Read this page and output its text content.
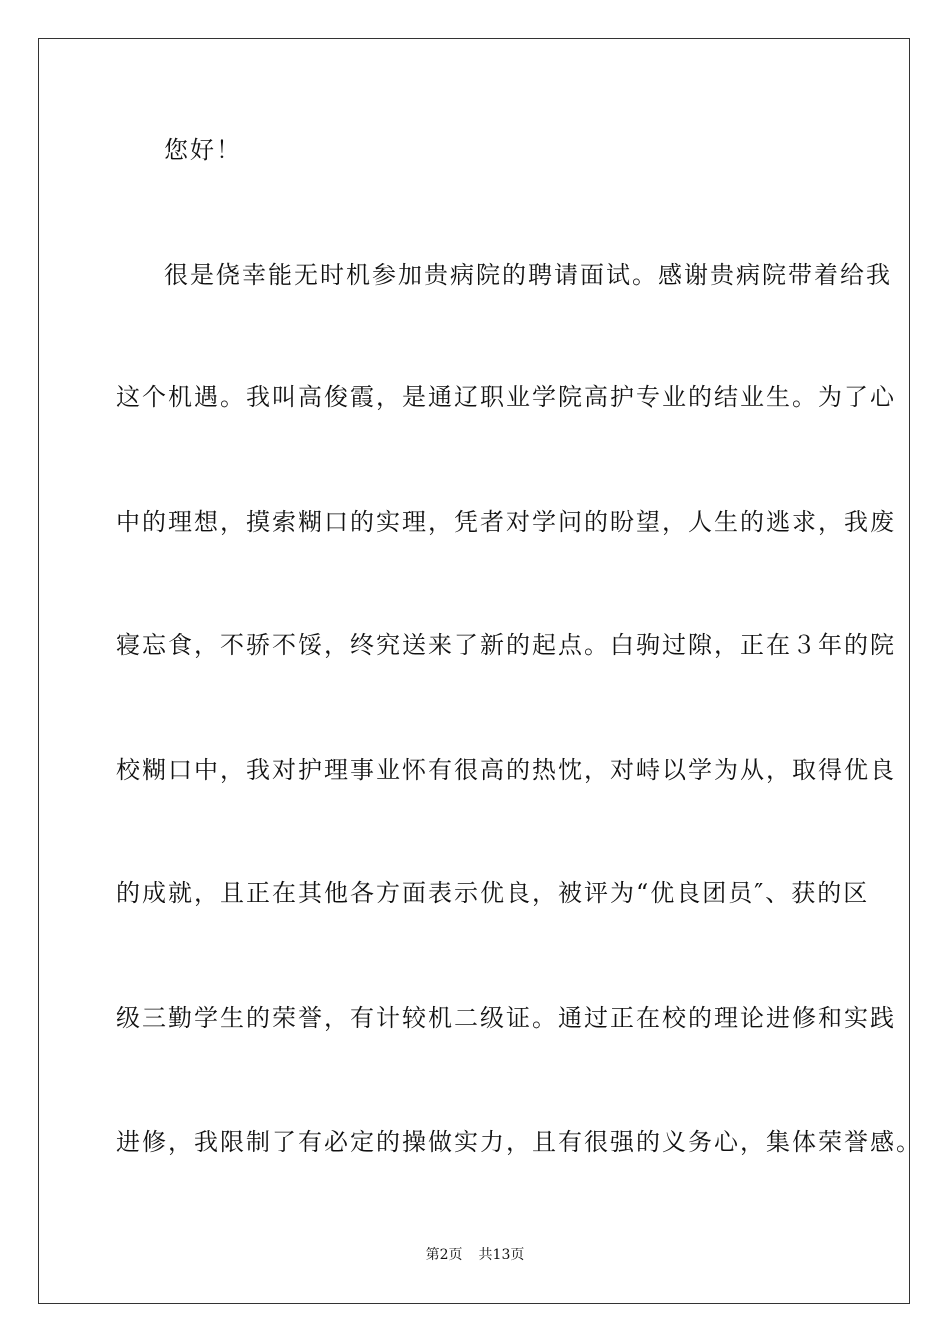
您好！
很是侥幸能无时机参加贵病院的聘请面试。感谢贵病院带着给我
这个机遇。我叫高俊霞，是通辽职业学院高护专业的结业生。为了心
中的理想，摸索糊口的实理，凭者对学问的盼望，人生的逃求，我废
寝忘食，不骄不馁，终究送来了新的起点。白驹过隙，正在３年的院
校糊口中，我对护理事业怀有很高的热忱，对峙以学为从，取得优良
的成就，且正在其他各方面表示优良，被评为“优良团员″、获的区
级三勤学生的荣誉，有计较机二级证。通过正在校的理论进修和实践
进修，我限制了有必定的操做实力，且有很强的义务心，集体荣誉感。
第2页 共13页
